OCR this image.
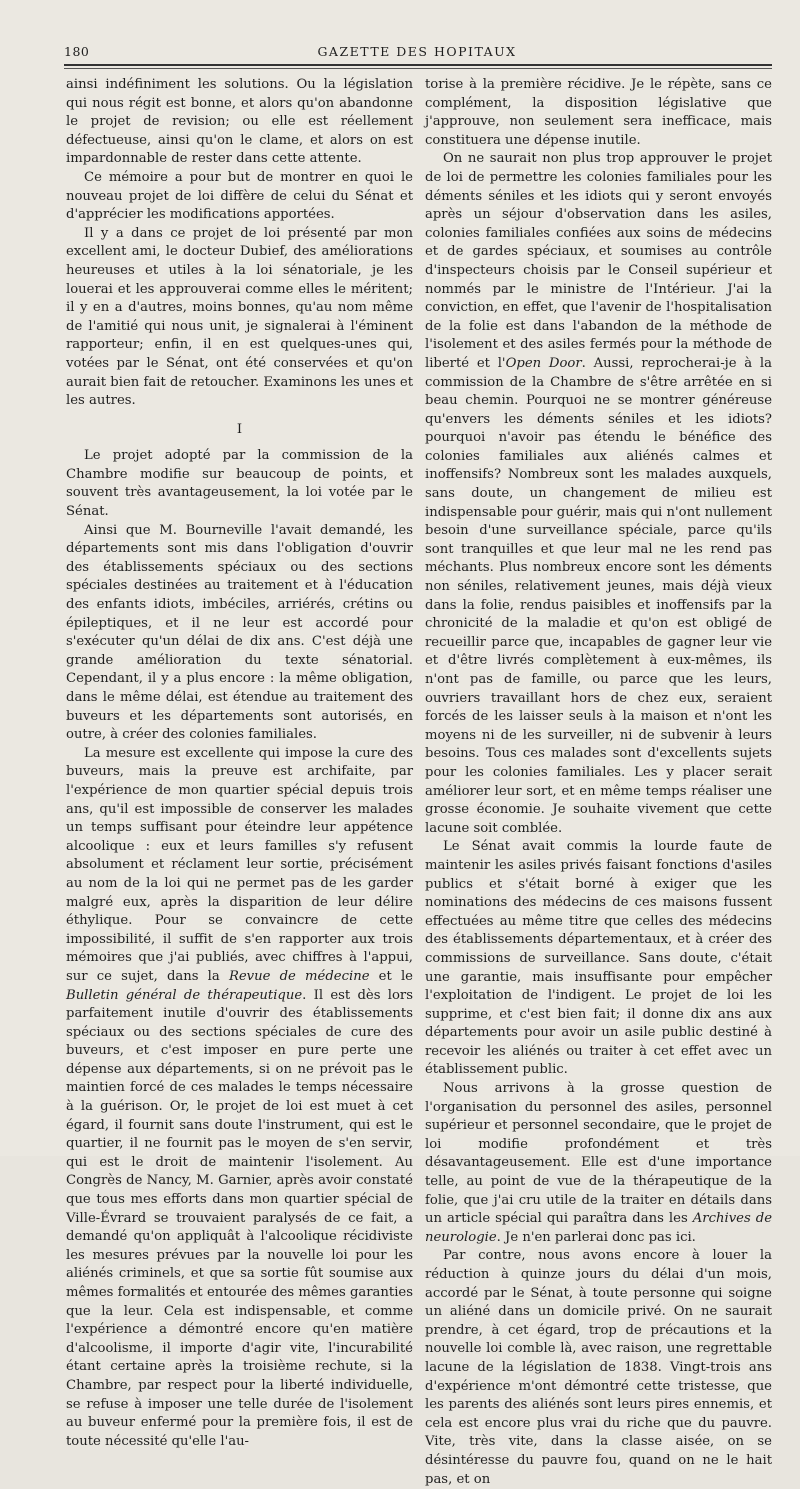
180	GAZETTE DES HOPITAUX

ainsi indéfiniment les solutions. Ou la législation qui nous régit est bonne, et alors qu'on abandonne le projet de revision; ou elle est réellement défectueuse, ainsi qu'on le clame, et alors on est impardonnable de rester dans cette attente.

Ce mémoire a pour but de montrer en quoi le nouveau projet de loi diffère de celui du Sénat et d'apprécier les modifications apportées.

Il y a dans ce projet de loi présenté par mon excellent ami, le docteur Dubief, des améliorations heureuses et utiles à la loi sénatoriale, je les louerai et les approuverai comme elles le méritent; il y en a d'autres, moins bonnes, qu'au nom même de l'amitié qui nous unit, je signalerai à l'éminent rapporteur; enfin, il en est quelques-unes qui, votées par le Sénat, ont été conservées et qu'on aurait bien fait de retoucher. Examinons les unes et les autres.

I

Le projet adopté par la commission de la Chambre modifie sur beaucoup de points, et souvent très avantageusement, la loi votée par le Sénat.

Ainsi que M. Bourneville l'avait demandé, les départements sont mis dans l'obligation d'ouvrir des établissements spéciaux ou des sections spéciales destinées au traitement et à l'éducation des enfants idiots, imbéciles, arriérés, crétins ou épileptiques, et il ne leur est accordé pour s'exécuter qu'un délai de dix ans. C'est déjà une grande amélioration du texte sénatorial. Cependant, il y a plus encore : la même obligation, dans le même délai, est étendue au traitement des buveurs et les départements sont autorisés, en outre, à créer des colonies familiales.

La mesure est excellente qui impose la cure des buveurs, mais la preuve est archifaite, par l'expérience de mon quartier spécial depuis trois ans, qu'il est impossible de conserver les malades un temps suffisant pour éteindre leur appétence alcoolique : eux et leurs familles s'y refusent absolument et réclament leur sortie, précisément au nom de la loi qui ne permet pas de les garder malgré eux, après la disparition de leur délire éthylique. Pour se convaincre de cette impossibilité, il suffit de s'en rapporter aux trois mémoires que j'ai publiés, avec chiffres à l'appui, sur ce sujet, dans la Revue de médecine et le Bulletin général de thérapeutique. Il est dès lors parfaitement inutile d'ouvrir des établissements spéciaux ou des sections spéciales de cure des buveurs, et c'est imposer en pure perte une dépense aux départements, si on ne prévoit pas le maintien forcé de ces malades le temps nécessaire à la guérison. Or, le projet de loi est muet à cet égard, il fournit sans doute l'instrument, qui est le quartier, il ne fournit pas le moyen de s'en servir, qui est le droit de maintenir l'isolement. Au Congrès de Nancy, M. Garnier, après avoir constaté que tous mes efforts dans mon quartier spécial de Ville-Évrard se trouvaient paralysés de ce fait, a demandé qu'on appliquât à l'alcoolique récidiviste les mesures prévues par la nouvelle loi pour les aliénés criminels, et que sa sortie fût soumise aux mêmes formalités et entourée des mêmes garanties que la leur. Cela est indispensable, et comme l'expérience a démontré encore qu'en matière d'alcoolisme, il importe d'agir vite, l'incurabilité étant certaine après la troisième rechute, si la Chambre, par respect pour la liberté individuelle, se refuse à imposer une telle durée de l'isolement au buveur enfermé pour la première fois, il est de toute nécessité qu'elle l'au-

torise à la première récidive. Je le répète, sans ce complément, la disposition législative que j'approuve, non seulement sera inefficace, mais constituera une dépense inutile.

On ne saurait non plus trop approuver le projet de loi de permettre les colonies familiales pour les déments séniles et les idiots qui y seront envoyés après un séjour d'observation dans les asiles, colonies familiales confiées aux soins de médecins et de gardes spéciaux, et soumises au contrôle d'inspecteurs choisis par le Conseil supérieur et nommés par le ministre de l'Intérieur. J'ai la conviction, en effet, que l'avenir de l'hospitalisation de la folie est dans l'abandon de la méthode de l'isolement et des asiles fermés pour la méthode de liberté et l'Open Door. Aussi, reprocherai-je à la commission de la Chambre de s'être arrêtée en si beau chemin. Pourquoi ne se montrer généreuse qu'envers les déments séniles et les idiots? pourquoi n'avoir pas étendu le bénéfice des colonies familiales aux aliénés calmes et inoffensifs? Nombreux sont les malades auxquels, sans doute, un changement de milieu est indispensable pour guérir, mais qui n'ont nullement besoin d'une surveillance spéciale, parce qu'ils sont tranquilles et que leur mal ne les rend pas méchants. Plus nombreux encore sont les déments non séniles, relativement jeunes, mais déjà vieux dans la folie, rendus paisibles et inoffensifs par la chronicité de la maladie et qu'on est obligé de recueillir parce que, incapables de gagner leur vie et d'être livrés complètement à eux-mêmes, ils n'ont pas de famille, ou parce que les leurs, ouvriers travaillant hors de chez eux, seraient forcés de les laisser seuls à la maison et n'ont les moyens ni de les surveiller, ni de subvenir à leurs besoins. Tous ces malades sont d'excellents sujets pour les colonies familiales. Les y placer serait améliorer leur sort, et en même temps réaliser une grosse économie. Je souhaite vivement que cette lacune soit comblée.

Le Sénat avait commis la lourde faute de maintenir les asiles privés faisant fonctions d'asiles publics et s'était borné à exiger que les nominations des médecins de ces maisons fussent effectuées au même titre que celles des médecins des établissements départementaux, et à créer des commissions de surveillance. Sans doute, c'était une garantie, mais insuffisante pour empêcher l'exploitation de l'indigent. Le projet de loi les supprime, et c'est bien fait; il donne dix ans aux départements pour avoir un asile public destiné à recevoir les aliénés ou traiter à cet effet avec un établissement public.

Nous arrivons à la grosse question de l'organisation du personnel des asiles, personnel supérieur et personnel secondaire, que le projet de loi modifie profondément et très désavantageusement. Elle est d'une importance telle, au point de vue de la thérapeutique de la folie, que j'ai cru utile de la traiter en détails dans un article spécial qui paraîtra dans les Archives de neurologie. Je n'en parlerai donc pas ici.

Par contre, nous avons encore à louer la réduction à quinze jours du délai d'un mois, accordé par le Sénat, à toute personne qui soigne un aliéné dans un domicile privé. On ne saurait prendre, à cet égard, trop de précautions et la nouvelle loi comble là, avec raison, une regrettable lacune de la législation de 1838. Vingt-trois ans d'expérience m'ont démontré cette tristesse, que les parents des aliénés sont leurs pires ennemis, et cela est encore plus vrai du riche que du pauvre. Vite, très vite, dans la classe aisée, on se désintéresse du pauvre fou, quand on ne le hait pas, et on
